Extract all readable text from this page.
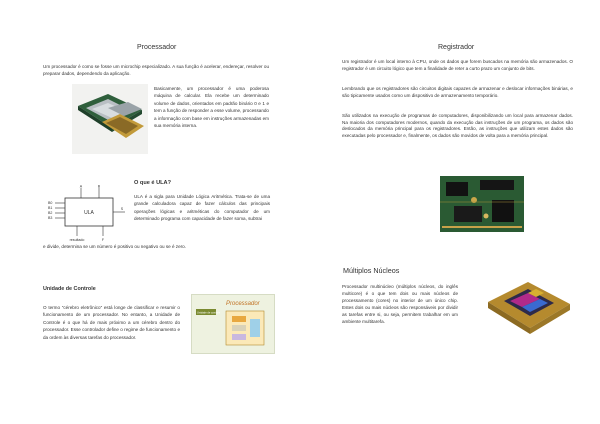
Processador
Um processador é como se fosse um microchip especializado. A sua função é acelerar, endereçar, resolver ou preparar dados, dependendo da aplicação.
Basicamente, um processador é uma poderosa máquina de calcular. Ela recebe um determinado volume de dados, orientados em padrão binário 0 e 1 e tem a função de responder a esse volume, processando a informação com base em instruções armazenadas em sua memória interna.
O que é ULA?
ULA
A	B
S
B0
B1
B2
B3
resultado	F
ULA é a sigla para Unidade Lógica Aritmética. Trata-se de uma grande calculadora capaz de fazer cálculos das principais operações lógicas e aritméticas do computador de um determinado programa com capacidade de fazer soma, subtrai
e divide, determina se um número é positivo ou negativo ou se é zero.
Unidade de Controle
O termo “cérebro eletrônico” está longe de classificar e resumir o funcionamento de um processador. No entanto, a Unidade de Controle é o que há de mais próximo a um cérebro dentro do processador. Esse controlador define o regime de funcionamento e da ordem às diversas tarefas do processador.
Processador
Unidade de controle
Registrador
Um registrador é um local interno à CPU, onde os dados que forem buscados na memória são armazenados. O registrador é um circuito lógico que tem a finalidade de reter a curto prazo um conjunto de bits.
Lembrando que os registradores são circuitos digitais capazes de armazenar e deslocar informações binárias, e são tipicamente usados como um dispositivo de armazenamento temporário.
São utilizados na execução de programas de computadores, disponibilizando um local para armazenar dados. Na maioria dos computadores modernos, quando da execução das instruções de um programa, os dados são deslocados da memória principal para os registradores. Então, as instruções que utilizam estes dados são executadas pelo processador e, finalmente, os dados são movidos de volta para a memória principal.
Múltiplos Núcleos
Processador multinúcleo (múltiplos núcleos, do inglês multicore) é o que tem dois ou mais núcleos de processamento (cores) no interior de um único chip. Estes dois ou mais núcleos são responsáveis por dividir as tarefas entre si, ou seja, permitem trabalhar em um ambiente multitarefa.
